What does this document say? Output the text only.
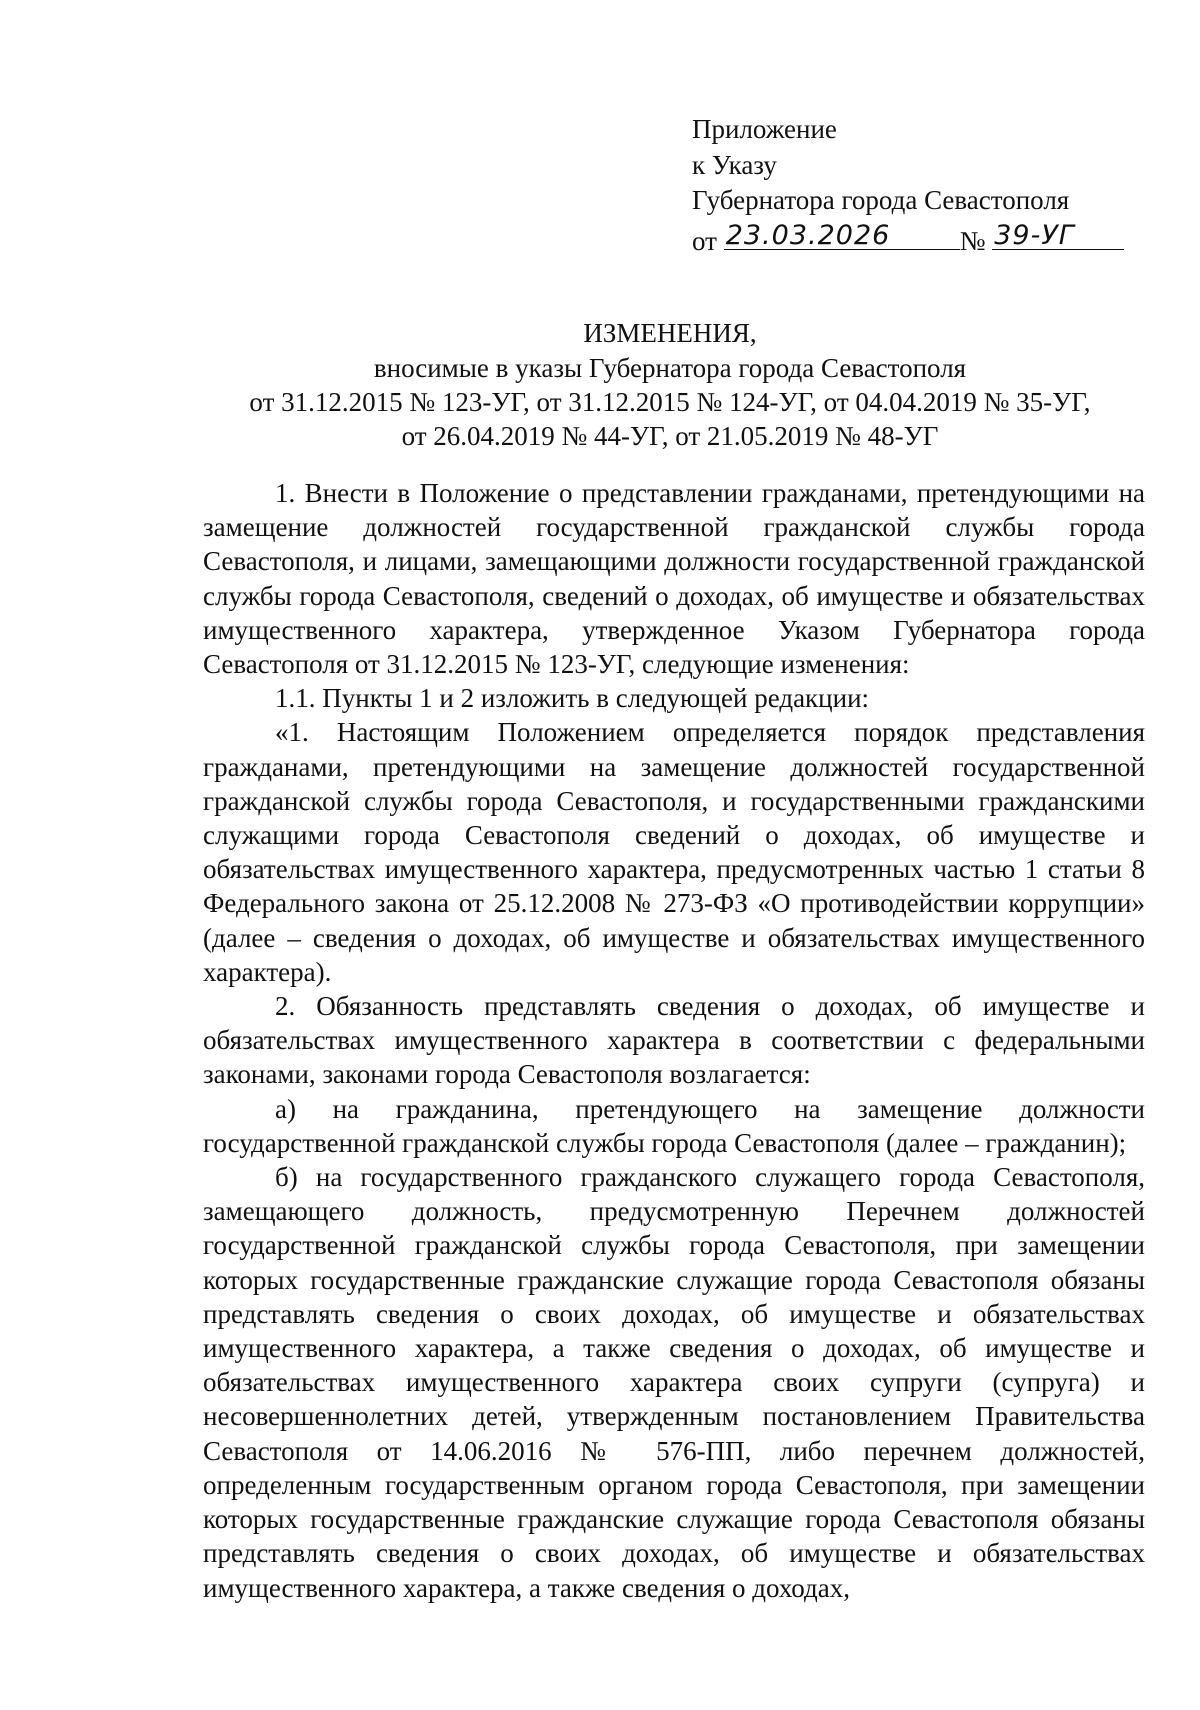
Приложение
к Указу
Губернатора города Севастополя
от 23.03.2026	№ 39-УГ
ИЗМЕНЕНИЯ,
вносимые в указы Губернатора города Севастополя
от 31.12.2015 № 123-УГ, от 31.12.2015 № 124-УГ, от 04.04.2019 № 35-УГ,
от 26.04.2019 № 44-УГ, от 21.05.2019 № 48-УГ

1. Внести в Положение о представлении гражданами, претендующими на замещение должностей государственной гражданской службы города Севастополя, и лицами, замещающими должности государственной гражданской службы города Севастополя, сведений о доходах, об имуществе и обязательствах имущественного характера, утвержденное Указом Губернатора города Севастополя от 31.12.2015 № 123-УГ, следующие изменения:

1.1. Пункты 1 и 2 изложить в следующей редакции:

«1. Настоящим Положением определяется порядок представления гражданами, претендующими на замещение должностей государственной гражданской службы города Севастополя, и государственными гражданскими служащими города Севастополя сведений о доходах, об имуществе и обязательствах имущественного характера, предусмотренных частью 1 статьи 8 Федерального закона от 25.12.2008 № 273-ФЗ «О противодействии коррупции» (далее – сведения о доходах, об имуществе и обязательствах имущественного характера).

2. Обязанность представлять сведения о доходах, об имуществе и обязательствах имущественного характера в соответствии с федеральными законами, законами города Севастополя возлагается:

а) на гражданина, претендующего на замещение должности государственной гражданской службы города Севастополя (далее – гражданин);

б) на государственного гражданского служащего города Севастополя, замещающего должность, предусмотренную Перечнем должностей государственной гражданской службы города Севастополя, при замещении которых государственные гражданские служащие города Севастополя обязаны представлять сведения о своих доходах, об имуществе и обязательствах имущественного характера, а также сведения о доходах, об имуществе и обязательствах имущественного характера своих супруги (супруга) и несовершеннолетних детей, утвержденным постановлением Правительства Севастополя от 14.06.2016 № 576-ПП, либо перечнем должностей, определенным государственным органом города Севастополя, при замещении которых государственные гражданские служащие города Севастополя обязаны представлять сведения о своих доходах, об имуществе и обязательствах имущественного характера, а также сведения о доходах,
